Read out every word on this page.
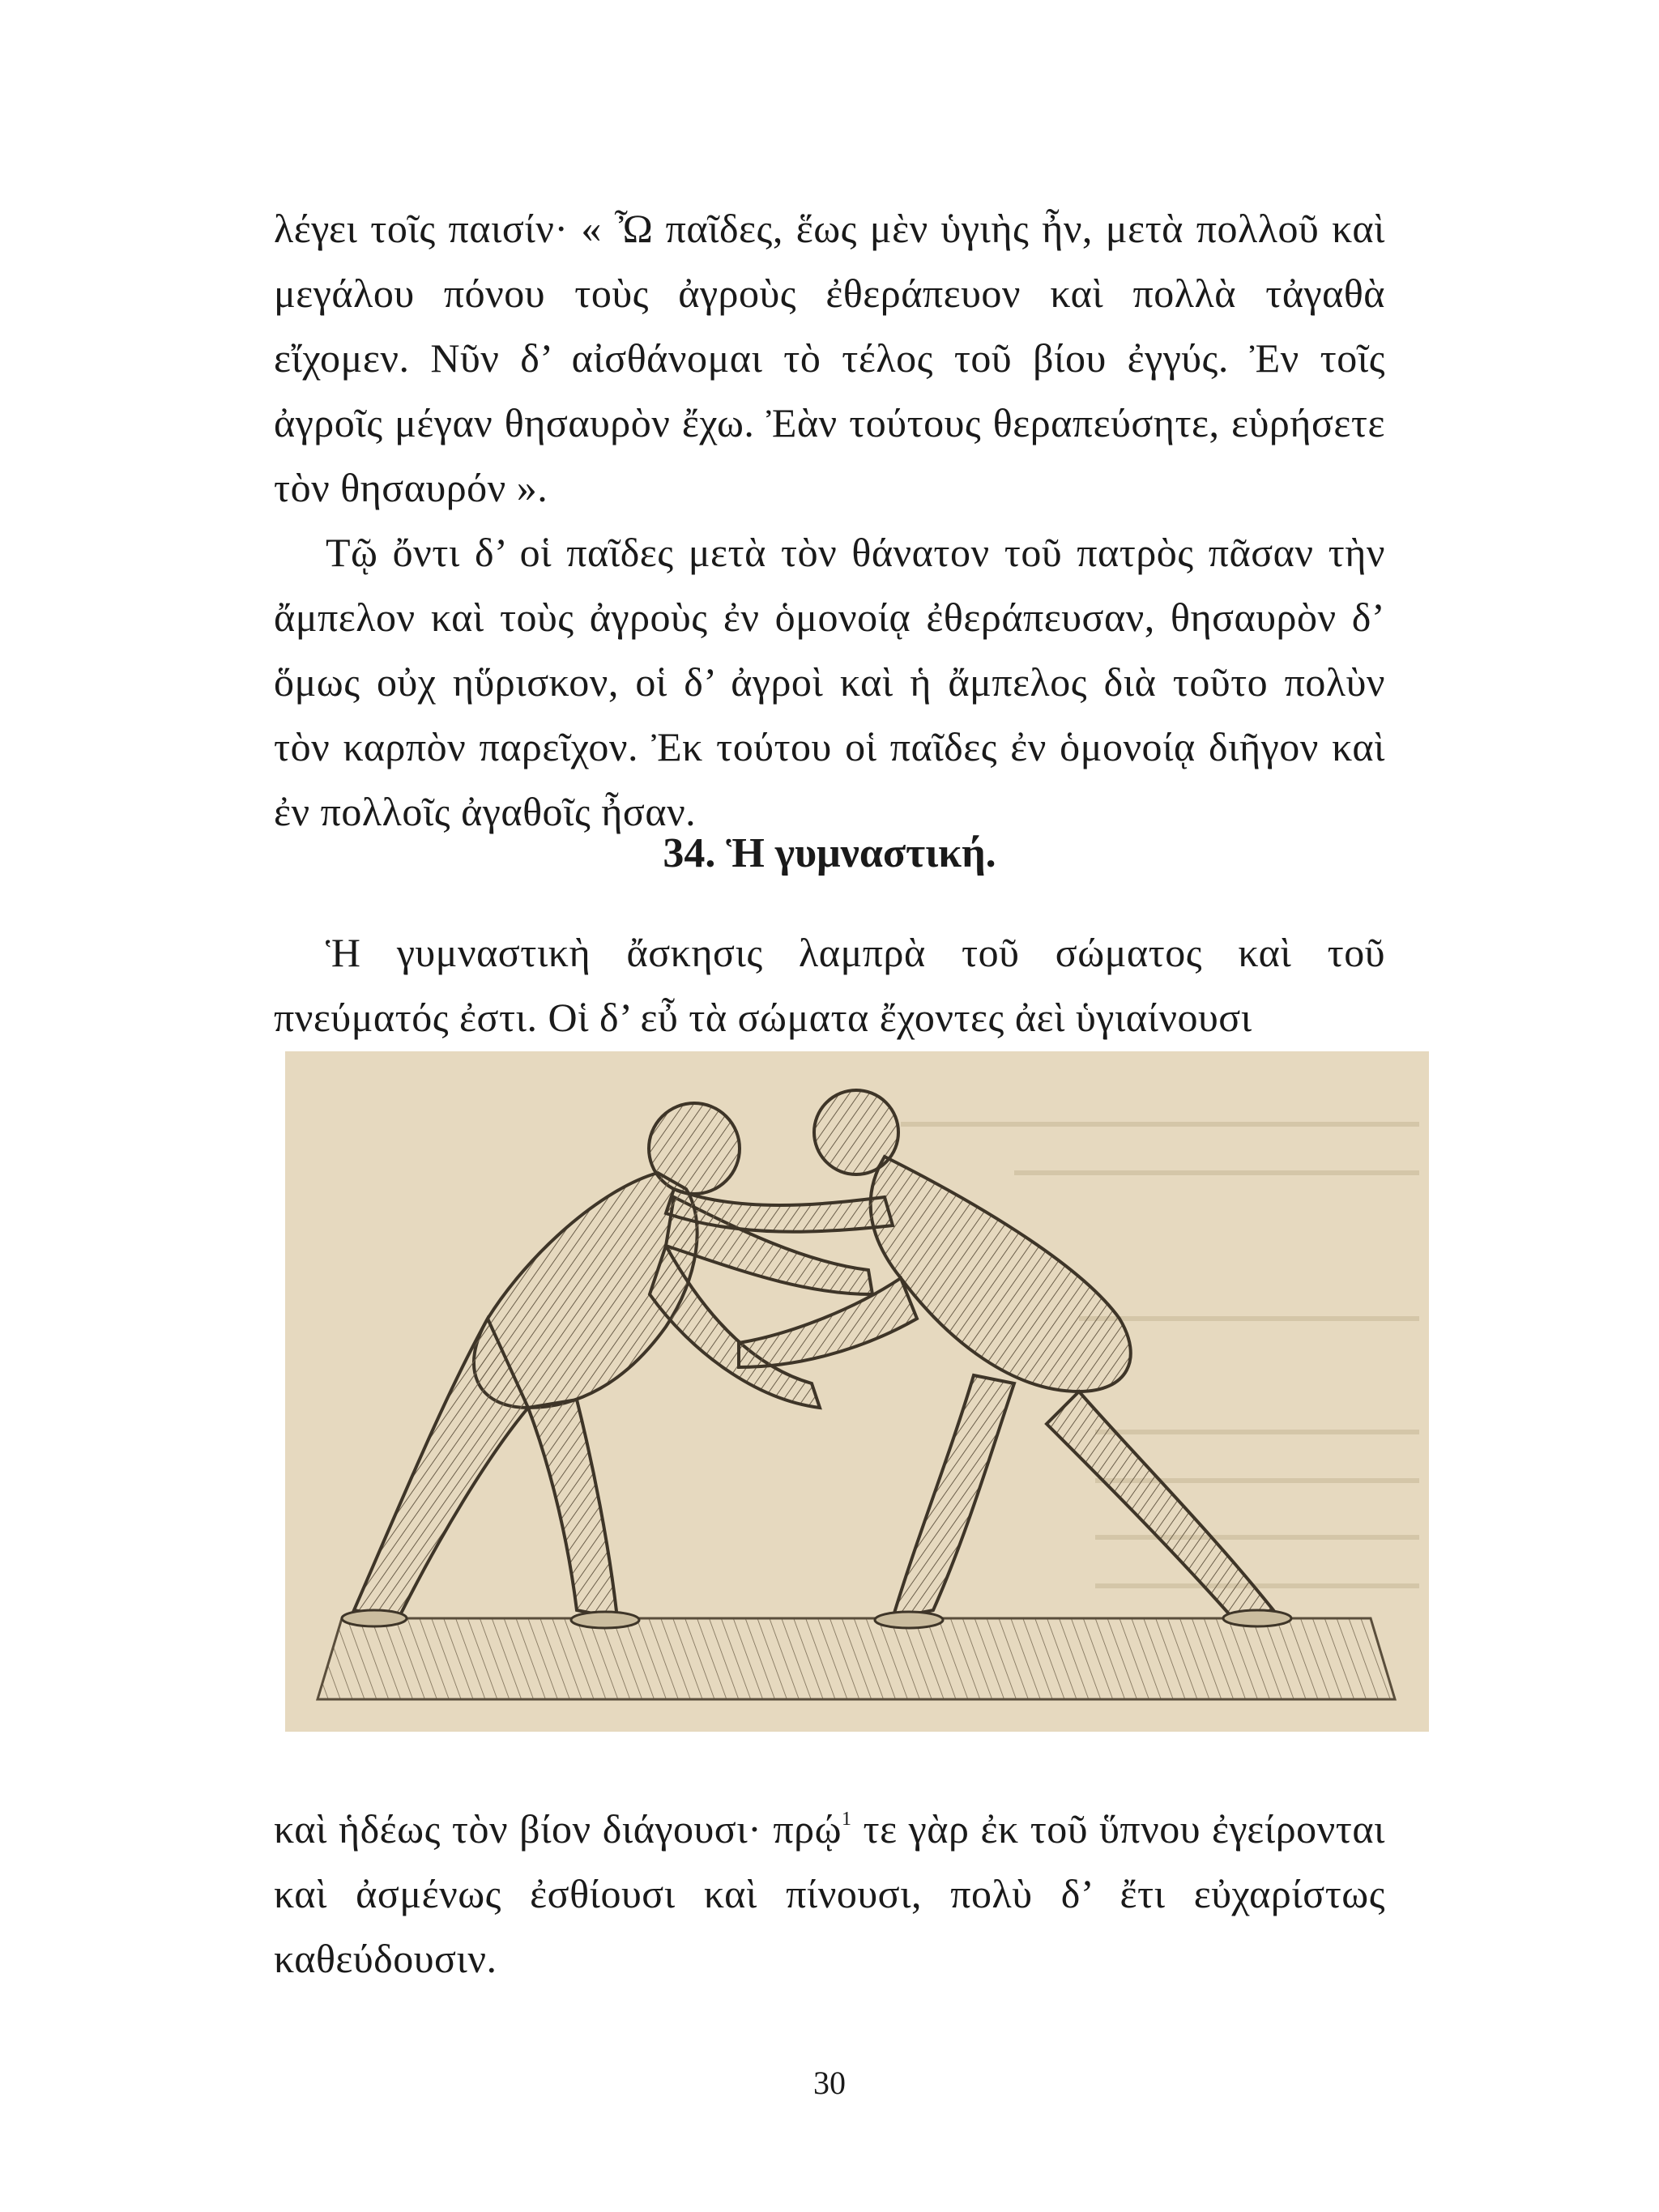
λέγει τοῖς παισίν· « Ὦ παῖδες, ἕως μὲν ὑγιὴς ἦν, μετὰ πολλοῦ καὶ μεγάλου πόνου τοὺς ἀγροὺς ἐθεράπευον καὶ πολλὰ τἀγαθὰ εἴχομεν. Νῦν δ’ αἰσθάνομαι τὸ τέλος τοῦ βίου ἐγγύς. Ἐν τοῖς ἀγροῖς μέγαν θησαυρὸν ἔχω. Ἐὰν τούτους θεραπεύσητε, εὑρήσετε τὸν θησαυρόν ».

Τῷ ὄντι δ’ οἱ παῖδες μετὰ τὸν θάνατον τοῦ πατρὸς πᾶσαν τὴν ἄμπελον καὶ τοὺς ἀγροὺς ἐν ὁμονοίᾳ ἐθεράπευσαν, θησαυρὸν δ’ ὅμως οὐχ ηὕρισκον, οἱ δ’ ἀγροὶ καὶ ἡ ἄμπελος διὰ τοῦτο πολὺν τὸν καρπὸν παρεῖχον. Ἐκ τούτου οἱ παῖδες ἐν ὁμονοίᾳ διῆγον καὶ ἐν πολλοῖς ἀγαθοῖς ἦσαν.

34. Ἡ γυμναστική.

Ἡ γυμναστικὴ ἄσκησις λαμπρὰ τοῦ σώματος καὶ τοῦ πνεύματός ἐστι. Οἱ δ’ εὖ τὰ σώματα ἔχοντες ἀεὶ ὑγιαίνουσι

καὶ ἡδέως τὸν βίον διάγουσι· πρῴ$^1$ τε γὰρ ἐκ τοῦ ὕπνου ἐγείρονται καὶ ἀσμένως ἐσθίουσι καὶ πίνουσι, πολὺ δ’ ἔτι εὐχαρίστως καθεύδουσιν.

30
